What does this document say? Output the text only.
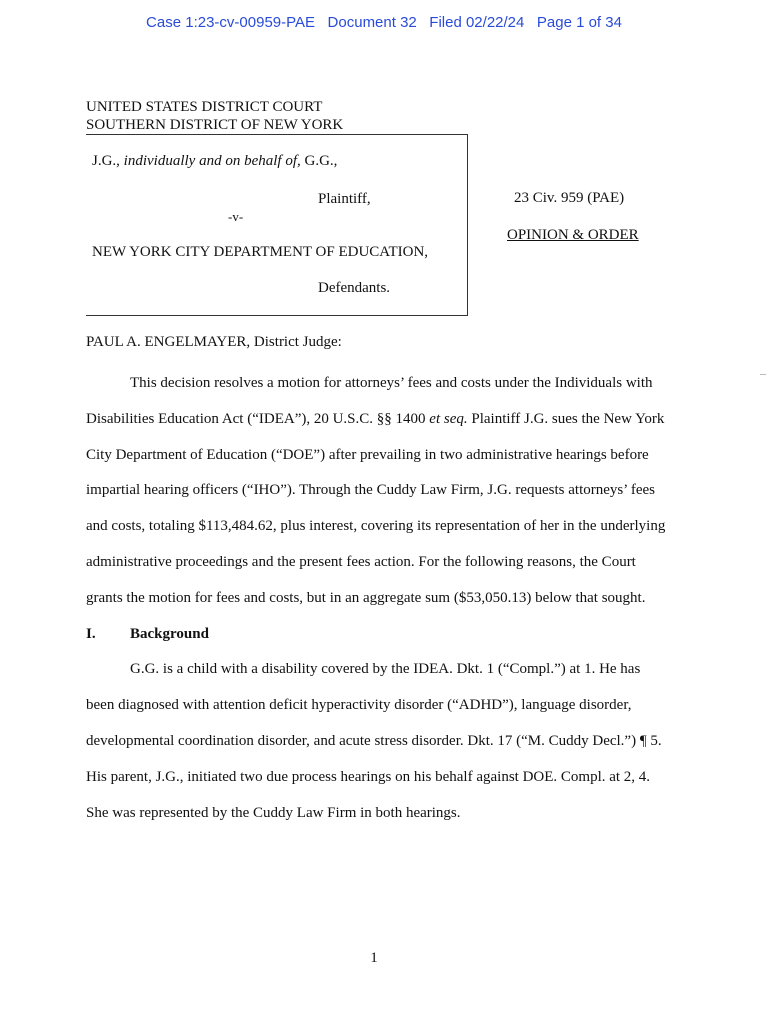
Case 1:23-cv-00959-PAE Document 32 Filed 02/22/24 Page 1 of 34
UNITED STATES DISTRICT COURT
SOUTHERN DISTRICT OF NEW YORK
J.G., individually and on behalf of, G.G.,
Plaintiff,
-v-
NEW YORK CITY DEPARTMENT OF EDUCATION,
Defendants.
23 Civ. 959 (PAE)
OPINION & ORDER
PAUL A. ENGELMAYER, District Judge:

This decision resolves a motion for attorneys’ fees and costs under the Individuals with Disabilities Education Act (“IDEA”), 20 U.S.C. §§ 1400 et seq. Plaintiff J.G. sues the New York City Department of Education (“DOE”) after prevailing in two administrative hearings before impartial hearing officers (“IHO”). Through the Cuddy Law Firm, J.G. requests attorneys’ fees and costs, totaling $113,484.62, plus interest, covering its representation of her in the underlying administrative proceedings and the present fees action. For the following reasons, the Court grants the motion for fees and costs, but in an aggregate sum ($53,050.13) below that sought.

I.	Background

G.G. is a child with a disability covered by the IDEA. Dkt. 1 (“Compl.”) at 1. He has been diagnosed with attention deficit hyperactivity disorder (“ADHD”), language disorder, developmental coordination disorder, and acute stress disorder. Dkt. 17 (“M. Cuddy Decl.”) ¶ 5. His parent, J.G., initiated two due process hearings on his behalf against DOE. Compl. at 2, 4. She was represented by the Cuddy Law Firm in both hearings.

1
